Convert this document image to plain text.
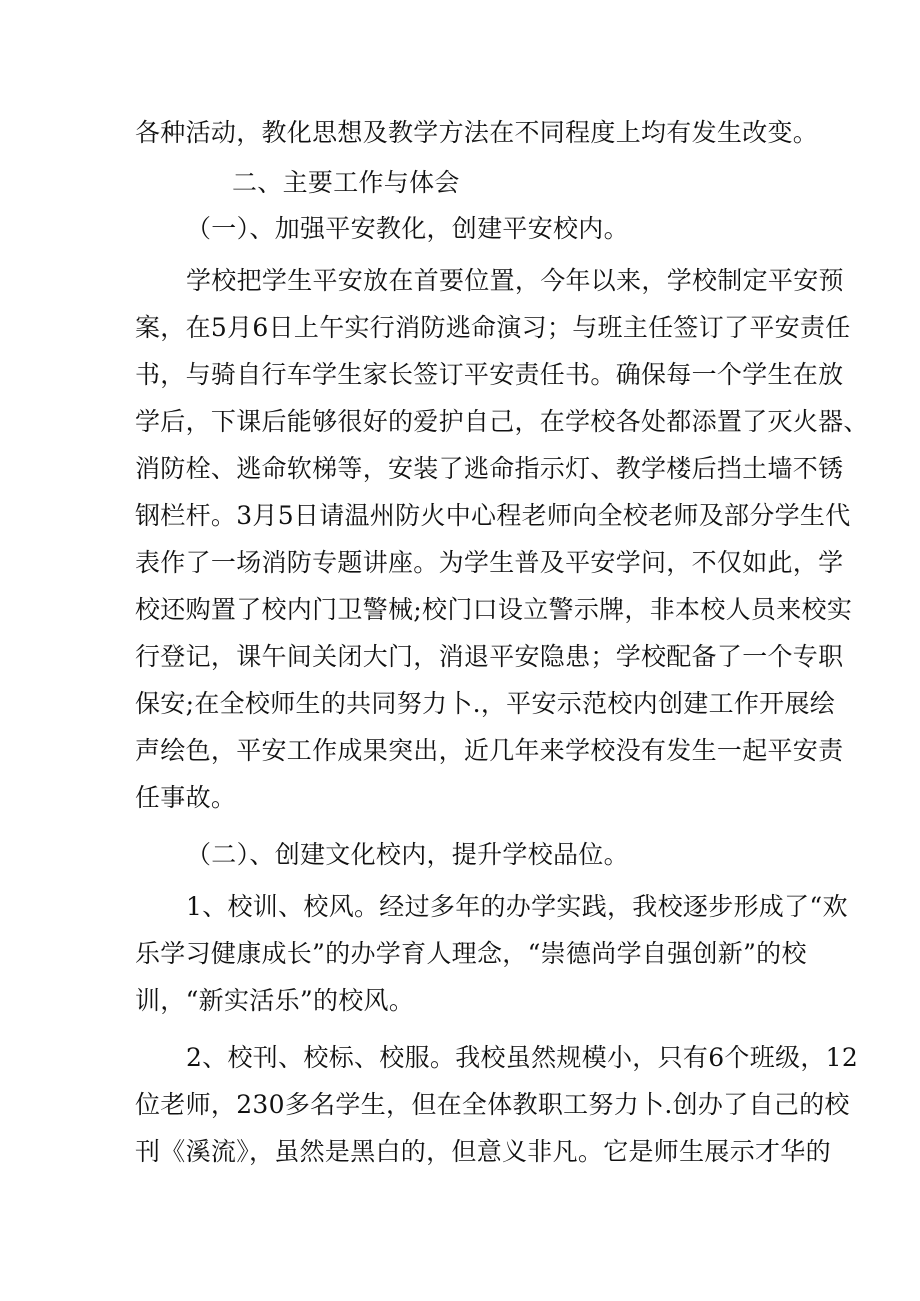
各种活动，教化思想及教学方法在不同程度上均有发生改变。
二、主要工作与体会
（一）、加强平安教化，创建平安校内。
学校把学生平安放在首要位置，今年以来，学校制定平安预
案，在5月6日上午实行消防逃命演习；与班主任签订了平安责任
书，与骑自行车学生家长签订平安责任书。确保每一个学生在放
学后，下课后能够很好的爱护自己，在学校各处都添置了灭火器、
消防栓、逃命软梯等，安装了逃命指示灯、教学楼后挡土墙不锈
钢栏杆。3月5日请温州防火中心程老师向全校老师及部分学生代
表作了一场消防专题讲座。为学生普及平安学问，不仅如此，学
校还购置了校内门卫警械;校门口设立警示牌，非本校人员来校实
行登记，课午间关闭大门，消退平安隐患；学校配备了一个专职
保安;在全校师生的共同努力卜.，平安示范校内创建工作开展绘
声绘色，平安工作成果突出，近几年来学校没有发生一起平安责
任事故。
（二）、创建文化校内，提升学校品位。
1、校训、校风。经过多年的办学实践，我校逐步形成了“欢
乐学习健康成长”的办学育人理念，“崇德尚学自强创新”的校
训，“新实活乐”的校风。
2、校刊、校标、校服。我校虽然规模小，只有6个班级，12
位老师，230多名学生，但在全体教职工努力卜.创办了自己的校
刊《溪流》，虽然是黑白的，但意义非凡。它是师生展示才华的
